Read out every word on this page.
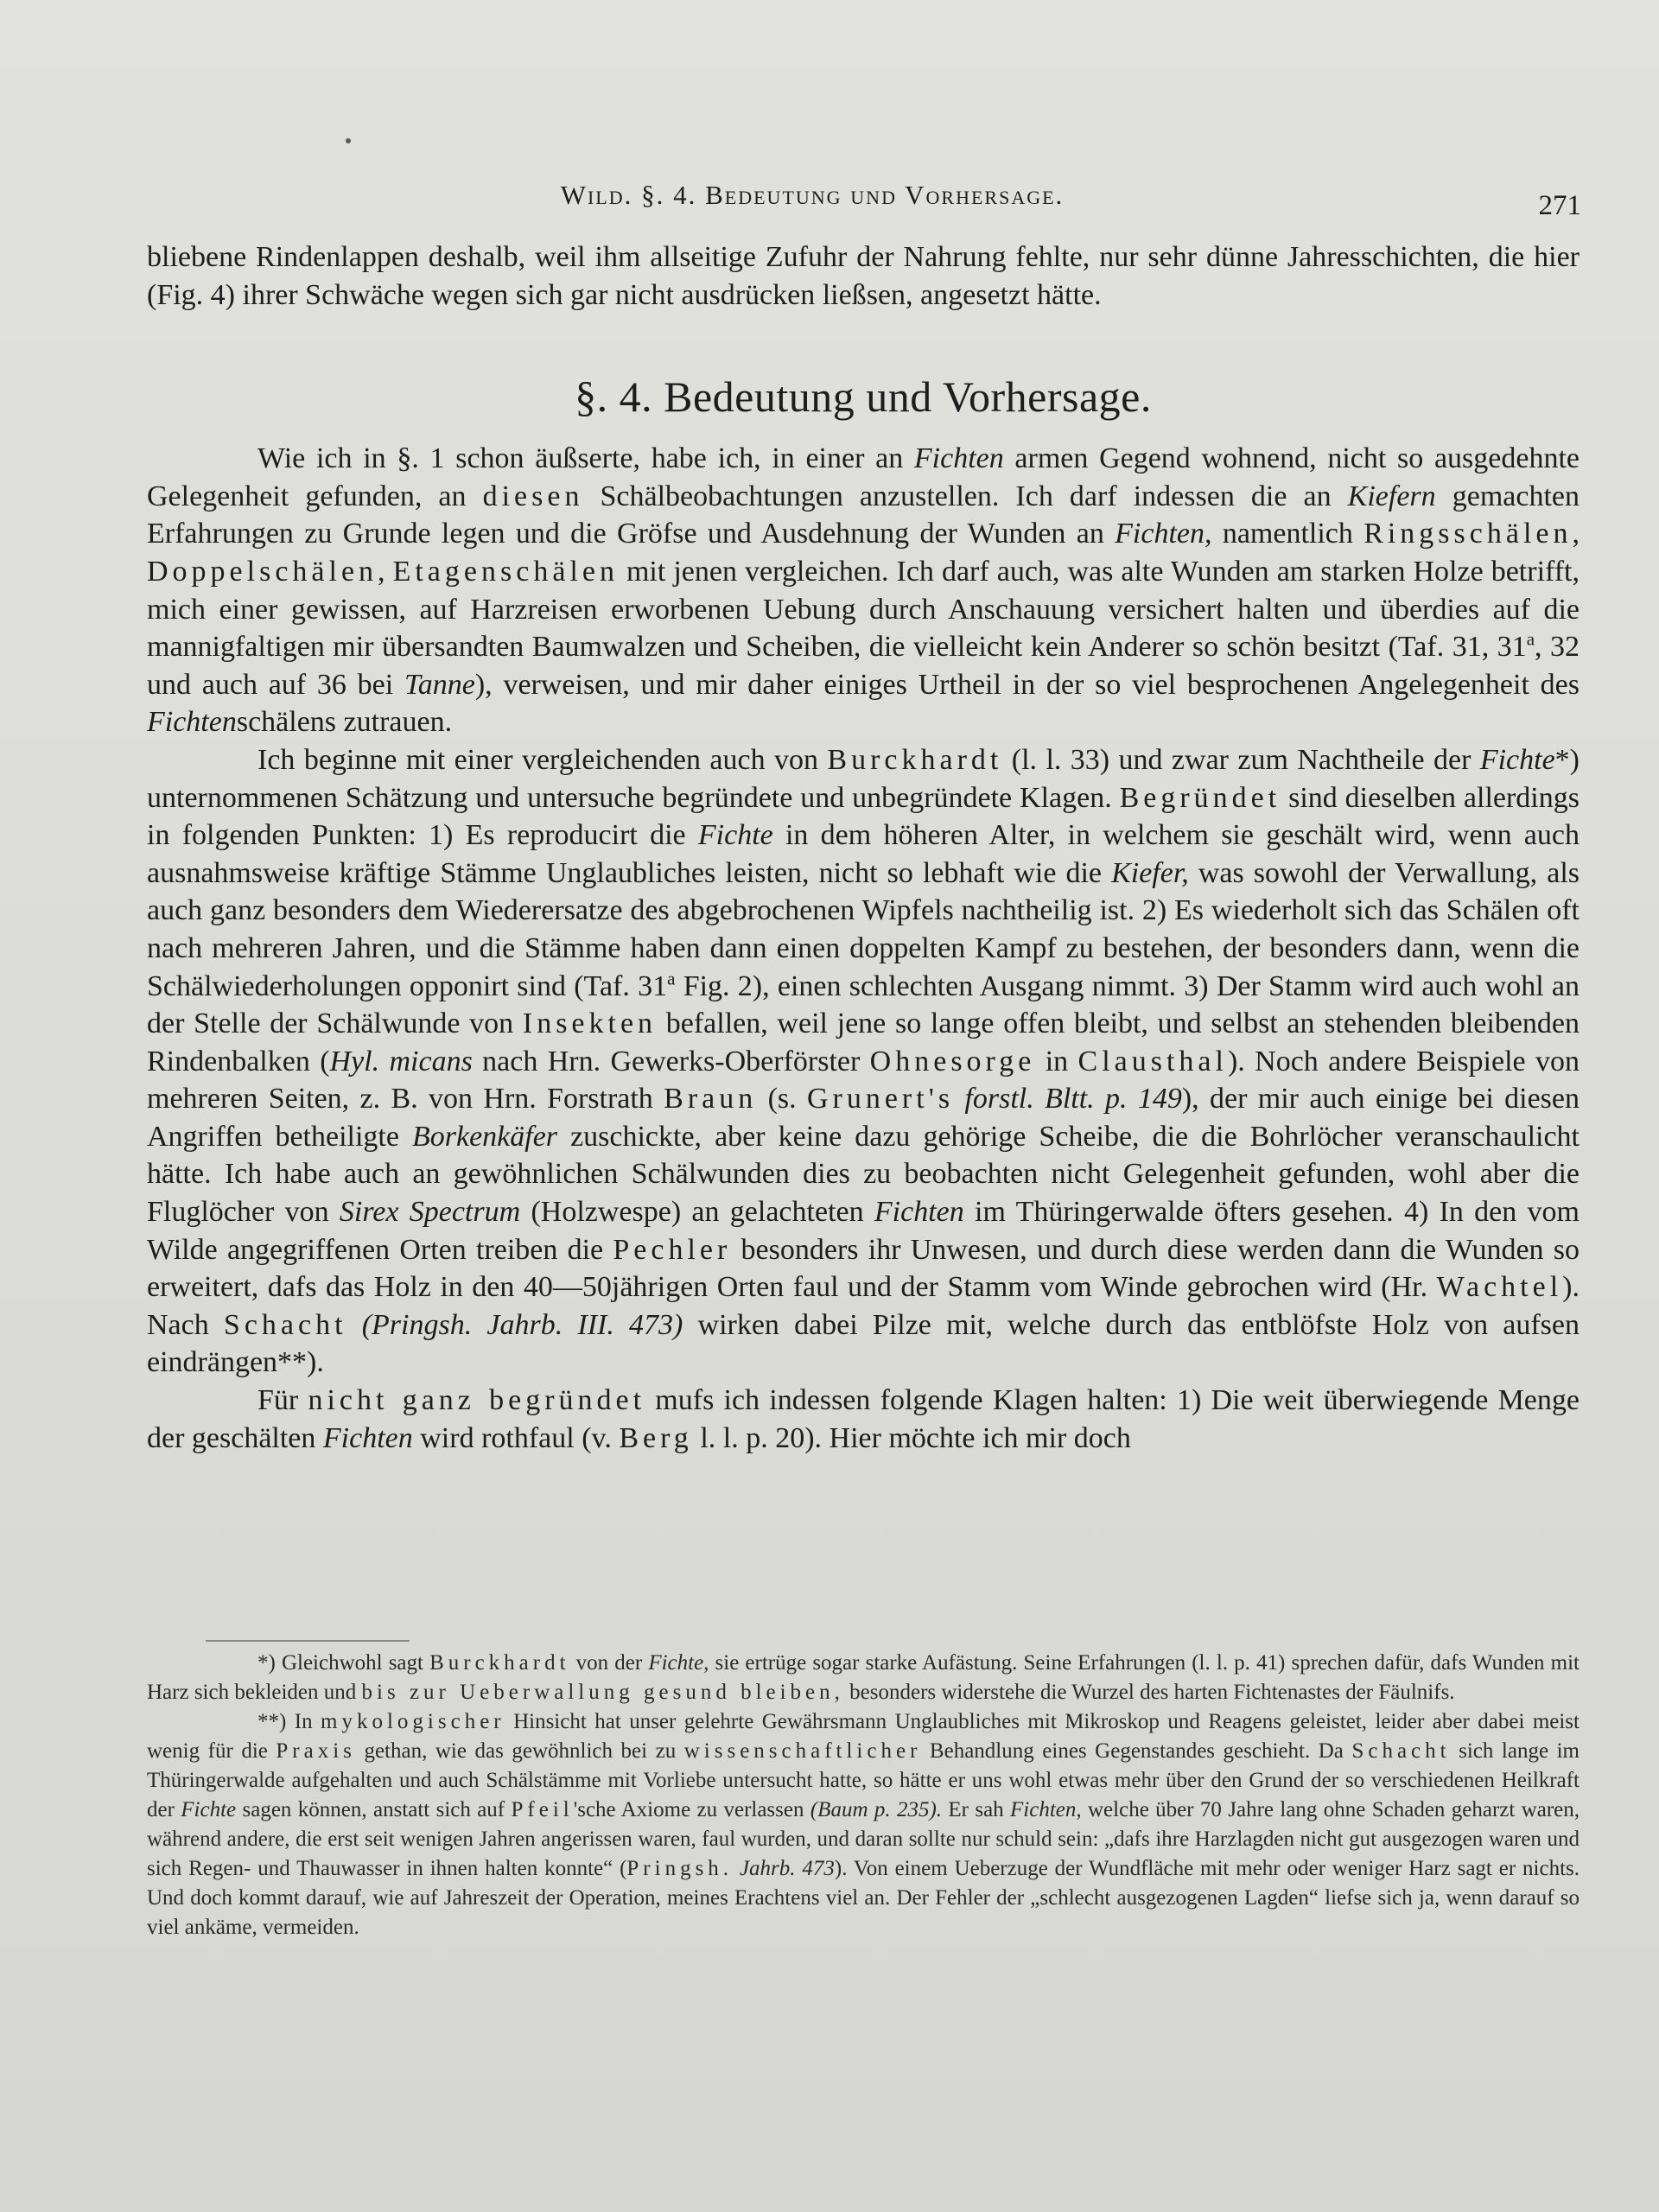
Wild. §. 4. Bedeutung und Vorhersage.	271

bliebene Rindenlappen deshalb, weil ihm allseitige Zufuhr der Nahrung fehlte, nur sehr dünne Jahresschichten, die hier (Fig. 4) ihrer Schwäche wegen sich gar nicht ausdrücken ließsen, angesetzt hätte.

§. 4. Bedeutung und Vorhersage.

Wie ich in §. 1 schon äußserte, habe ich, in einer an Fichten armen Gegend wohnend, nicht so ausgedehnte Gelegenheit gefunden, an diesen Schälbeobachtungen anzustellen. Ich darf indessen die an Kiefern gemachten Erfahrungen zu Grunde legen und die Gröfse und Ausdehnung der Wunden an Fichten, namentlich Ringsschälen, Doppelschälen, Etagenschälen mit jenen vergleichen. Ich darf auch, was alte Wunden am starken Holze betrifft, mich einer gewissen, auf Harzreisen erworbenen Uebung durch Anschauung versichert halten und überdies auf die mannigfaltigen mir übersandten Baumwalzen und Scheiben, die vielleicht kein Anderer so schön besitzt (Taf. 31, 31$^a$, 32 und auch auf 36 bei Tanne), verweisen, und mir daher einiges Urtheil in der so viel besprochenen Angelegenheit des Fichtenschälens zutrauen.

Ich beginne mit einer vergleichenden auch von Burckhardt (l. l. 33) und zwar zum Nachtheile der Fichte*) unternommenen Schätzung und untersuche begründete und unbegründete Klagen. Begründet sind dieselben allerdings in folgenden Punkten: 1) Es reproducirt die Fichte in dem höheren Alter, in welchem sie geschält wird, wenn auch ausnahmsweise kräftige Stämme Unglaubliches leisten, nicht so lebhaft wie die Kiefer, was sowohl der Verwallung, als auch ganz besonders dem Wiederersatze des abgebrochenen Wipfels nachtheilig ist. 2) Es wiederholt sich das Schälen oft nach mehreren Jahren, und die Stämme haben dann einen doppelten Kampf zu bestehen, der besonders dann, wenn die Schälwiederholungen opponirt sind (Taf. 31$^a$ Fig. 2), einen schlechten Ausgang nimmt. 3) Der Stamm wird auch wohl an der Stelle der Schälwunde von Insekten befallen, weil jene so lange offen bleibt, und selbst an stehenden bleibenden Rindenbalken (Hyl. micans nach Hrn. Gewerks-Oberförster Ohnesorge in Clausthal). Noch andere Beispiele von mehreren Seiten, z. B. von Hrn. Forstrath Braun (s. Grunert's forstl. Bltt. p. 149), der mir auch einige bei diesen Angriffen betheiligte Borkenkäfer zuschickte, aber keine dazu gehörige Scheibe, die die Bohrlöcher veranschaulicht hätte. Ich habe auch an gewöhnlichen Schälwunden dies zu beobachten nicht Gelegenheit gefunden, wohl aber die Fluglöcher von Sirex Spectrum (Holzwespe) an gelachteten Fichten im Thüringerwalde öfters gesehen. 4) In den vom Wilde angegriffenen Orten treiben die Pechler besonders ihr Unwesen, und durch diese werden dann die Wunden so erweitert, dafs das Holz in den 40—50jährigen Orten faul und der Stamm vom Winde gebrochen wird (Hr. Wachtel). Nach Schacht (Pringsh. Jahrb. III. 473) wirken dabei Pilze mit, welche durch das entblöfste Holz von aufsen eindrängen**).

Für nicht ganz begründet mufs ich indessen folgende Klagen halten: 1) Die weit überwiegende Menge der geschälten Fichten wird rothfaul (v. Berg l. l. p. 20). Hier möchte ich mir doch

*) Gleichwohl sagt Burckhardt von der Fichte, sie ertrüge sogar starke Aufästung. Seine Erfahrungen (l. l. p. 41) sprechen dafür, dafs Wunden mit Harz sich bekleiden und bis zur Ueberwallung gesund bleiben, besonders widerstehe die Wurzel des harten Fichtenastes der Fäulnifs.

**) In mykologischer Hinsicht hat unser gelehrte Gewährsmann Unglaubliches mit Mikroskop und Reagens geleistet, leider aber dabei meist wenig für die Praxis gethan, wie das gewöhnlich bei zu wissenschaftlicher Behandlung eines Gegenstandes geschieht. Da Schacht sich lange im Thüringerwalde aufgehalten und auch Schälstämme mit Vorliebe untersucht hatte, so hätte er uns wohl etwas mehr über den Grund der so verschiedenen Heilkraft der Fichte sagen können, anstatt sich auf Pfeil'sche Axiome zu verlassen (Baum p. 235). Er sah Fichten, welche über 70 Jahre lang ohne Schaden geharzt waren, während andere, die erst seit wenigen Jahren angerissen waren, faul wurden, und daran sollte nur schuld sein: „dafs ihre Harzlagden nicht gut ausgezogen waren und sich Regen- und Thauwasser in ihnen halten konnte“ (Pringsh. Jahrb. 473). Von einem Ueberzuge der Wundfläche mit mehr oder weniger Harz sagt er nichts. Und doch kommt darauf, wie auf Jahreszeit der Operation, meines Erachtens viel an. Der Fehler der „schlecht ausgezogenen Lagden“ liefse sich ja, wenn darauf so viel ankäme, vermeiden.
